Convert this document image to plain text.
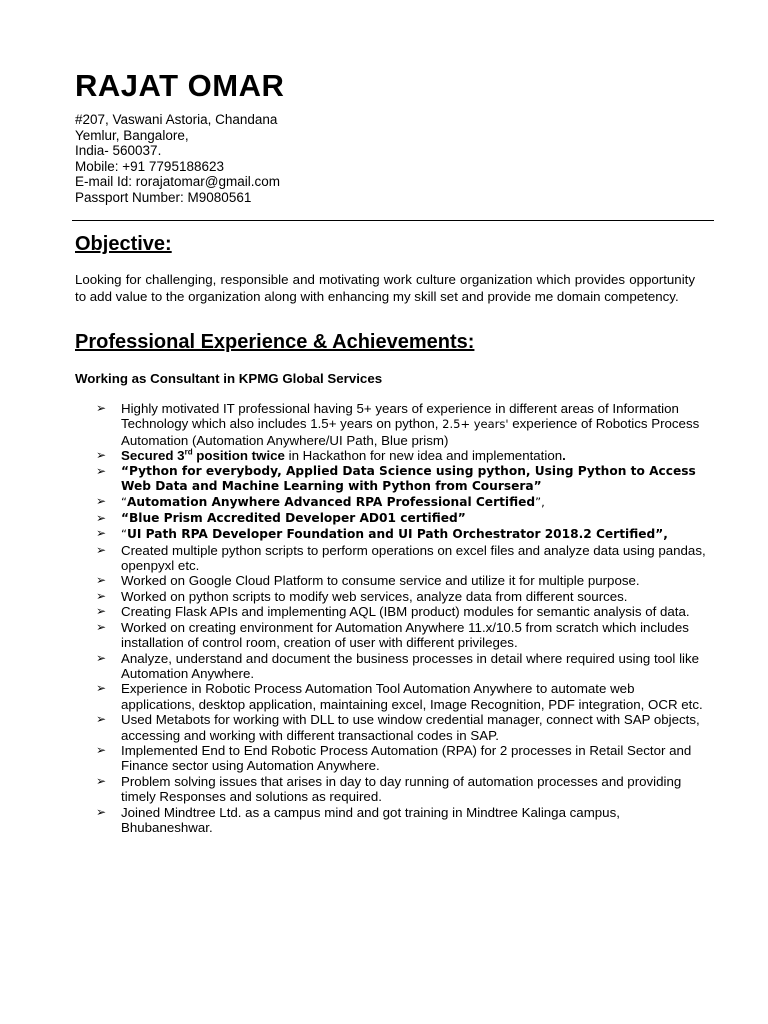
RAJAT OMAR
#207, Vaswani Astoria, Chandana
Yemlur, Bangalore,
India- 560037.
Mobile: +91 7795188623
E-mail Id: rorajatomar@gmail.com
Passport Number: M9080561
Objective:

Looking for challenging, responsible and motivating work culture organization which provides opportunity to add value to the organization along with enhancing my skill set and provide me domain competency.

Professional Experience & Achievements:

Working as Consultant in KPMG Global Services

➢ Highly motivated IT professional having 5+ years of experience in different areas of Information Technology which also includes 1.5+ years on python, 2.5+ years' experience of Robotics Process Automation (Automation Anywhere/UI Path, Blue prism)
➢ Secured 3rd position twice in Hackathon for new idea and implementation.
➢ “Python for everybody, Applied Data Science using python, Using Python to Access Web Data and Machine Learning with Python from Coursera”
➢ “Automation Anywhere Advanced RPA Professional Certified”,
➢ “Blue Prism Accredited Developer AD01 certified”
➢ “UI Path RPA Developer Foundation and UI Path Orchestrator 2018.2 Certified”,
➢ Created multiple python scripts to perform operations on excel files and analyze data using pandas, openpyxl etc.
➢ Worked on Google Cloud Platform to consume service and utilize it for multiple purpose.
➢ Worked on python scripts to modify web services, analyze data from different sources.
➢ Creating Flask APIs and implementing AQL (IBM product) modules for semantic analysis of data.
➢ Worked on creating environment for Automation Anywhere 11.x/10.5 from scratch which includes installation of control room, creation of user with different privileges.
➢ Analyze, understand and document the business processes in detail where required using tool like Automation Anywhere.
➢ Experience in Robotic Process Automation Tool Automation Anywhere to automate web applications, desktop application, maintaining excel, Image Recognition, PDF integration, OCR etc.
➢ Used Metabots for working with DLL to use window credential manager, connect with SAP objects, accessing and working with different transactional codes in SAP.
➢ Implemented End to End Robotic Process Automation (RPA) for 2 processes in Retail Sector and Finance sector using Automation Anywhere.
➢ Problem solving issues that arises in day to day running of automation processes and providing timely Responses and solutions as required.
➢ Joined Mindtree Ltd. as a campus mind and got training in Mindtree Kalinga campus, Bhubaneshwar.
